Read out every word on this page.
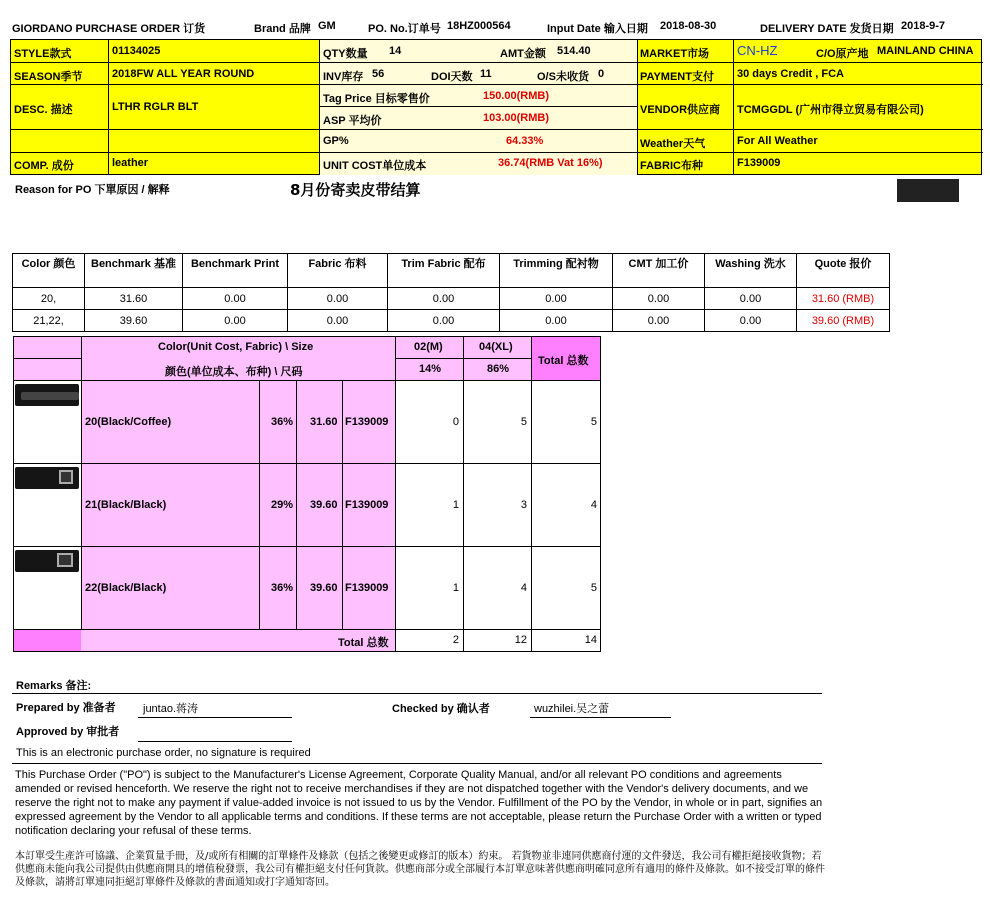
GIORDANO PURCHASE ORDER 订货	Brand 品牌 GM	PO. No.订单号 18HZ000564	Input Date 输入日期 2018-08-30	DELIVERY DATE 发货日期 2018-9-7
STYLE款式	01134025
SEASON季节	2018FW ALL YEAR ROUND
DESC. 描述	LTHR RGLR BLT
COMP. 成份	leather
QTY数量 14	AMT金额 514.40
INV库存 56	DOI天数 11	O/S未收货 0
Tag Price 目标零售价	150.00(RMB)
ASP 平均价	103.00(RMB)
GP%	64.33%
UNIT COST单位成本	36.74(RMB Vat 16%)
MARKET市场 CN-HZ	C/O原产地 MAINLAND CHINA
PAYMENT支付 30 days Credit , FCA
VENDOR供应商 TCMGGDL (广州市得立贸易有限公司)
Weather天气	For All Weather
FABRIC布种	F139009
Reason for PO 下單原因 / 解释	8月份寄卖皮带结算
Color 颜色	Benchmark 基准	Benchmark Print	Fabric 布料	Trim Fabric 配布	Trimming 配衬物	CMT 加工价	Washing 洗水	Quote 报价
20,	31.60	0.00	0.00	0.00	0.00	0.00	0.00	31.60 (RMB)
21,22,	39.60	0.00	0.00	0.00	0.00	0.00	0.00	39.60 (RMB)
Color(Unit Cost, Fabric) \ Size
颜色(单位成本、布种) \ 尺码
02(M)	04(XL)
14%	86%
Total 总数
20(Black/Coffee)	36% 31.60 F139009	0	5	5
21(Black/Black)	29% 39.60 F139009	1	3	4
22(Black/Black)	36% 39.60 F139009	1	4	5
Total 总数	2	12	14
Remarks 备注:
Prepared by 准备者 juntao.蒋涛	Checked by 确认者	wuzhilei.吴之蕾
Approved by 审批者
This is an electronic purchase order, no signature is required
This Purchase Order ("PO") is subject to the Manufacturer's License Agreement, Corporate Quality Manual, and/or all relevant PO conditions and agreements amended or revised henceforth. We reserve the right not to receive merchandises if they are not dispatched together with the Vendor's delivery documents, and we reserve the right not to make any payment if value-added invoice is not issued to us by the Vendor. Fulfillment of the PO by the Vendor, in whole or in part, signifies an expressed agreement by the Vendor to all applicable terms and conditions. If these terms are not acceptable, please return the Purchase Order with a written or typed notification declaring your refusal of these terms.
本訂單受生產許可協議、企業質量手冊，及/或所有相關的訂單條件及條款（包括之後變更或修訂的版本）約束。 若貨物並非連同供應商付運的文件發送，我公司有權拒絕接收貨物；若供應商未能向我公司提供由供應商開具的增值稅發票，我公司有權拒絕支付任何貨款。供應商部分或全部履行本訂單意味著供應商明確同意所有適用的條件及條款。如不接受訂單的條件及條款，請將訂單連同拒絕訂單條件及條款的書面通知或打字通知寄回。
